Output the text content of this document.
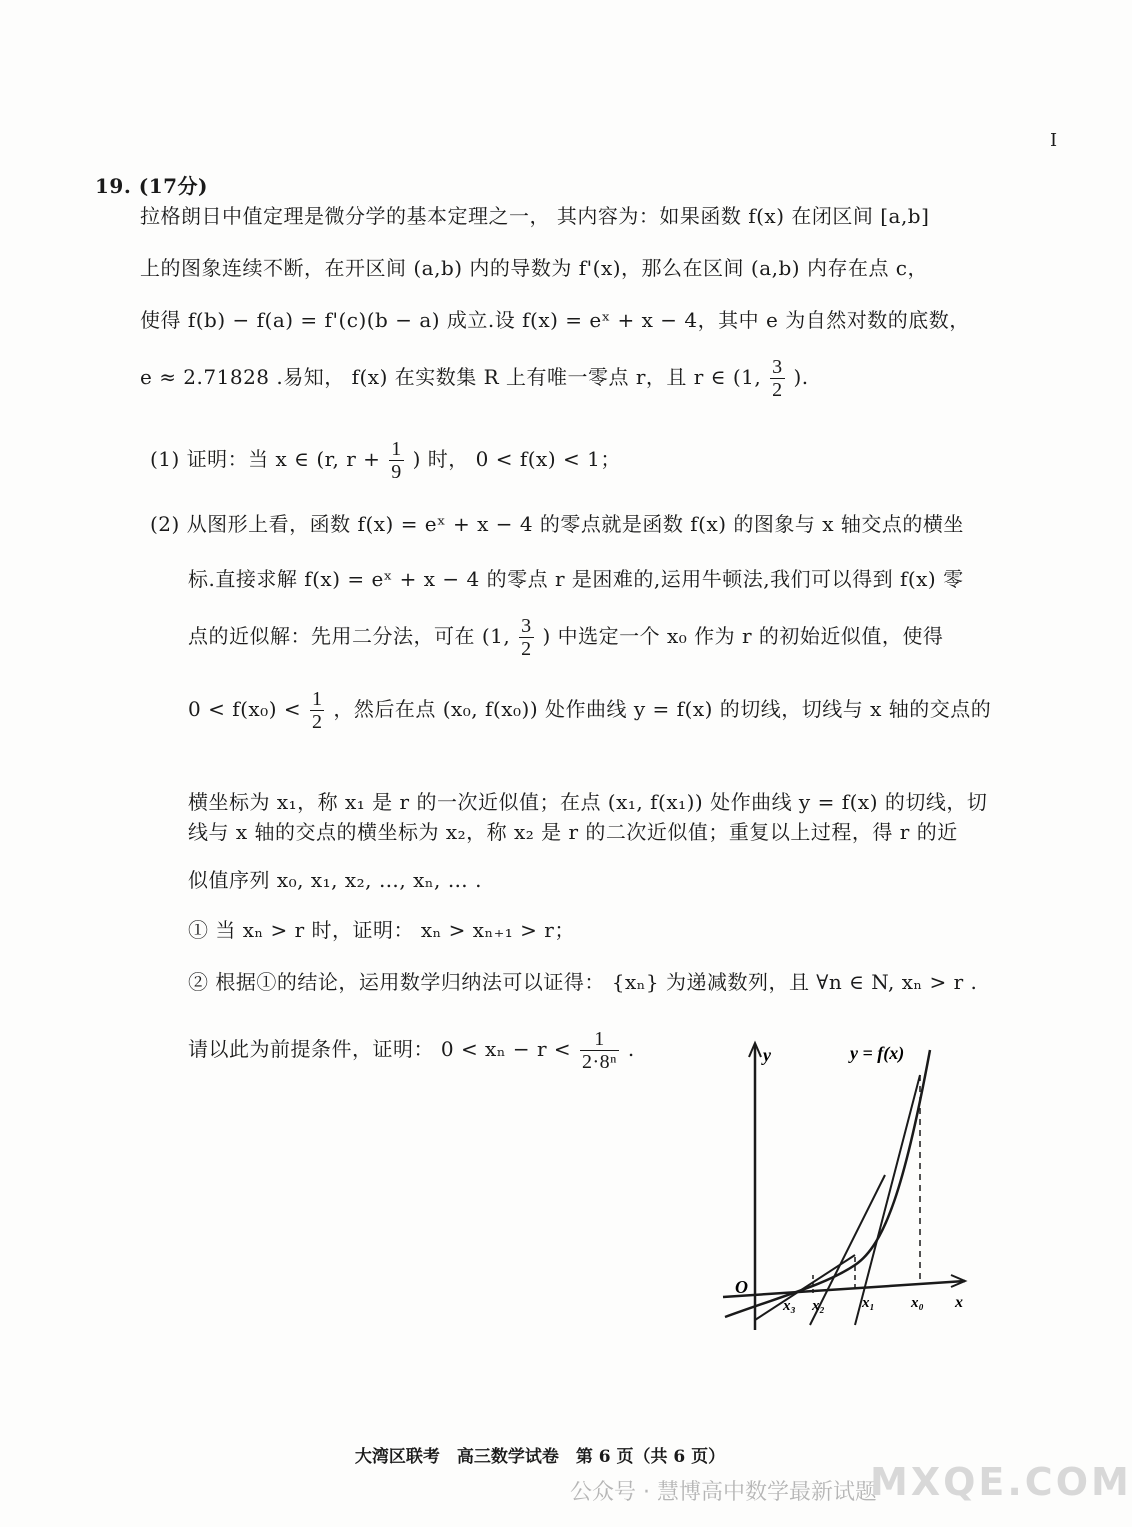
I
19. (17分)
拉格朗日中值定理是微分学的基本定理之一， 其内容为：如果函数 f(x) 在闭区间 [a,b]
上的图象连续不断，在开区间 (a,b) 内的导数为 f'(x)，那么在区间 (a,b) 内存在点 c，
使得 f(b) − f(a) = f'(c)(b − a) 成立.设 f(x) = eˣ + x − 4，其中 e 为自然对数的底数，
e ≈ 2.71828 .易知， f(x) 在实数集 R 上有唯一零点 r，且 r ∈ (1, $\frac{3}{2}$ ).
(1) 证明：当 x ∈ (r, $r + \frac{1}{9}$ ) 时， 0 < f(x) < 1；
(2) 从图形上看，函数 f(x) = eˣ + x − 4 的零点就是函数 f(x) 的图象与 x 轴交点的横坐
标.直接求解 f(x) = eˣ + x − 4 的零点 r 是困难的,运用牛顿法,我们可以得到 f(x) 零
点的近似解：先用二分法，可在 (1, $\frac{3}{2}$ ) 中选定一个 x₀ 作为 r 的初始近似值，使得
$0 < f(x_0) < \frac{1}{2}$ ，然后在点 (x₀, f(x₀)) 处作曲线 y = f(x) 的切线，切线与 x 轴的交点的
横坐标为 x₁，称 x₁ 是 r 的一次近似值；在点 (x₁, f(x₁)) 处作曲线 y = f(x) 的切线，切
线与 x 轴的交点的横坐标为 x₂，称 x₂ 是 r 的二次近似值；重复以上过程，得 r 的近
似值序列 x₀, x₁, x₂, …, xₙ, … .
① 当 xₙ > r 时，证明： xₙ > xₙ₊₁ > r；
② 根据①的结论，运用数学归纳法可以证得： {xₙ} 为递减数列，且 ∀n ∈ N, xₙ > r .
请以此为前提条件，证明： $0 < x_n - r < \frac{1}{\text{2·8ⁿ}}$ .	y	y = f(x)
O
x
x₀
x₁
x₂
x₃
大湾区联考　高三数学试卷　第 6 页（共 6 页）
公众号 · 慧博高中数学最新试题
MXQE.COM
